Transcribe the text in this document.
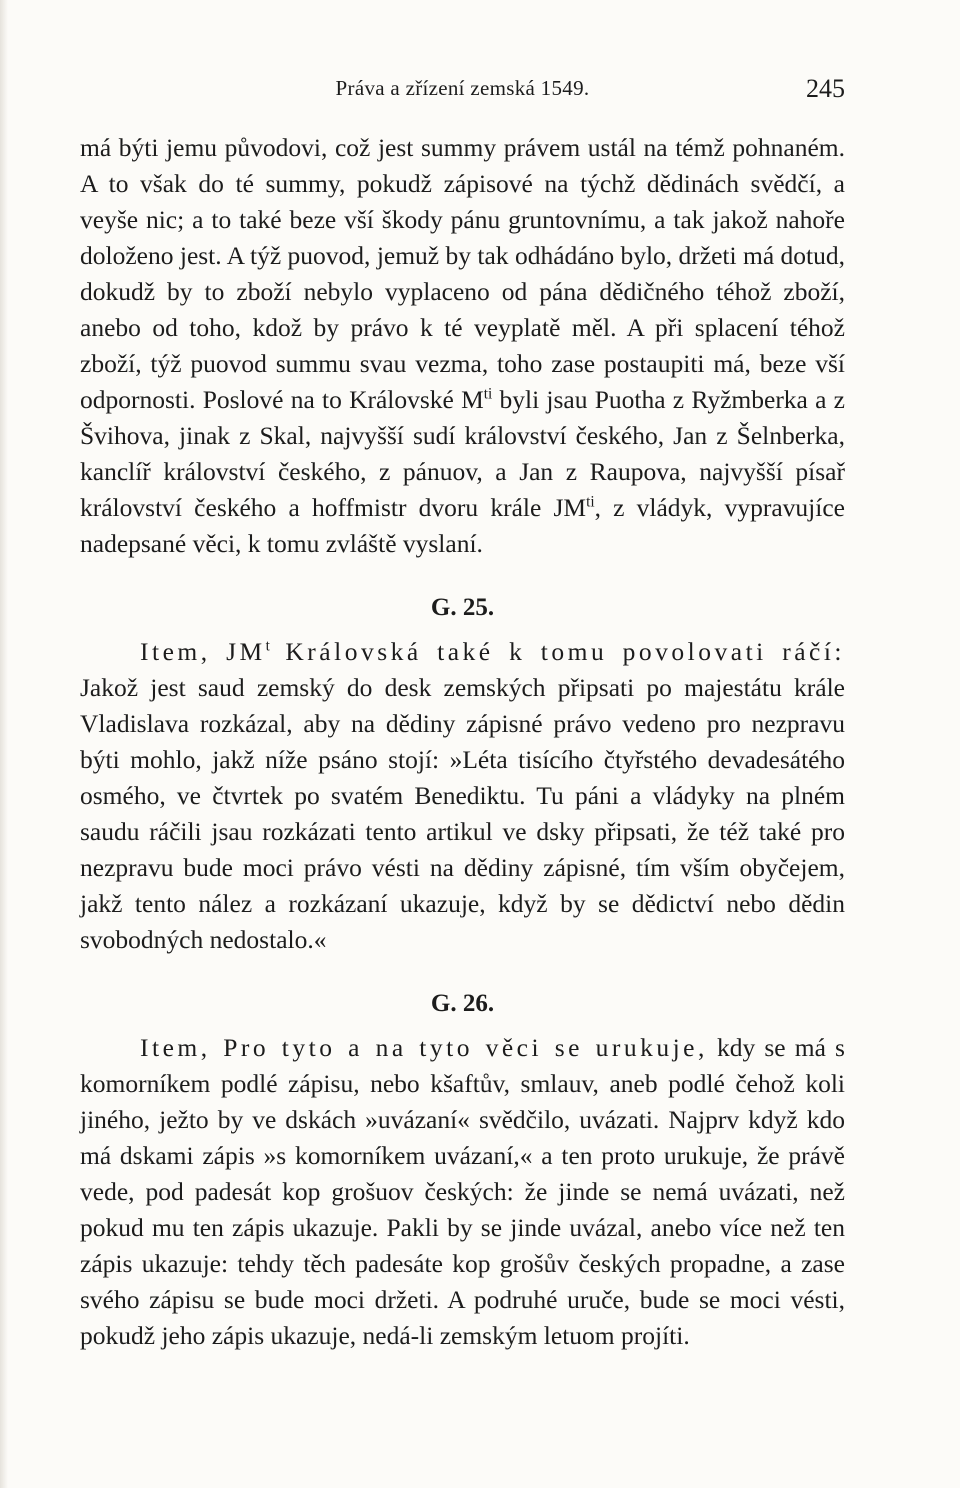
Práva a zřízení zemská 1549.	245

má býti jemu původovi, což jest summy právem ustál na témž pohnaném. A to však do té summy, pokudž zápisové na týchž dědinách svědčí, a veyše nic; a to také beze vší škody pánu gruntovnímu, a tak jakož nahoře doloženo jest. A týž puovod, jemuž by tak odhádáno bylo, držeti má dotud, dokudž by to zboží nebylo vyplaceno od pána dědičného téhož zboží, anebo od toho, kdož by právo k té veyplatě měl. A při splacení téhož zboží, týž puovod summu svau vezma, toho zase postaupiti má, beze vší odpornosti. Poslové na to Královské $M^{ti}$ byli jsau Puotha z Ryžmberka a z Švihova, jinak z Skal, najvyšší sudí království českého, Jan z Šelnberka, kanclíř království českého, z pánuov, a Jan z Raupova, najvyšší písař království českého a hoffmistr dvoru krále $JM^{ti}$, z vládyk, vypravujíce nadepsané věci, k tomu zvláště vyslaní.

G. 25.

Item, $JM^t$ Královská také k tomu povolovati ráčí: Jakož jest saud zemský do desk zemských připsati po majestátu krále Vladislava rozkázal, aby na dědiny zápisné právo vedeno pro nezpravu býti mohlo, jakž níže psáno stojí: »Léta tisícího čtyřstého devadesátého osmého, ve čtvrtek po svatém Benediktu. Tu páni a vládyky na plném saudu ráčili jsau rozkázati tento artikul ve dsky připsati, že též také pro nezpravu bude moci právo vésti na dědiny zápisné, tím vším obyčejem, jakž tento nález a rozkázaní ukazuje, když by se dědictví nebo dědin svobodných nedostalo.«

G. 26.

Item, Pro tyto a na tyto věci se urukuje, kdy se má s komorníkem podlé zápisu, nebo kšaftův, smlauv, aneb podlé čehož koli jiného, ježto by ve dskách »uvázaní« svědčilo, uvázati. Najprv když kdo má dskami zápis »s komorníkem uvázaní,« a ten proto urukuje, že právě vede, pod padesát kop grošuov českých: že jinde se nemá uvázati, než pokud mu ten zápis ukazuje. Pakli by se jinde uvázal, anebo více než ten zápis ukazuje: tehdy těch padesáte kop grošův českých propadne, a zase svého zápisu se bude moci držeti. A podruhé uruče, bude se moci vésti, pokudž jeho zápis ukazuje, nedá-li zemským letuom projíti.
